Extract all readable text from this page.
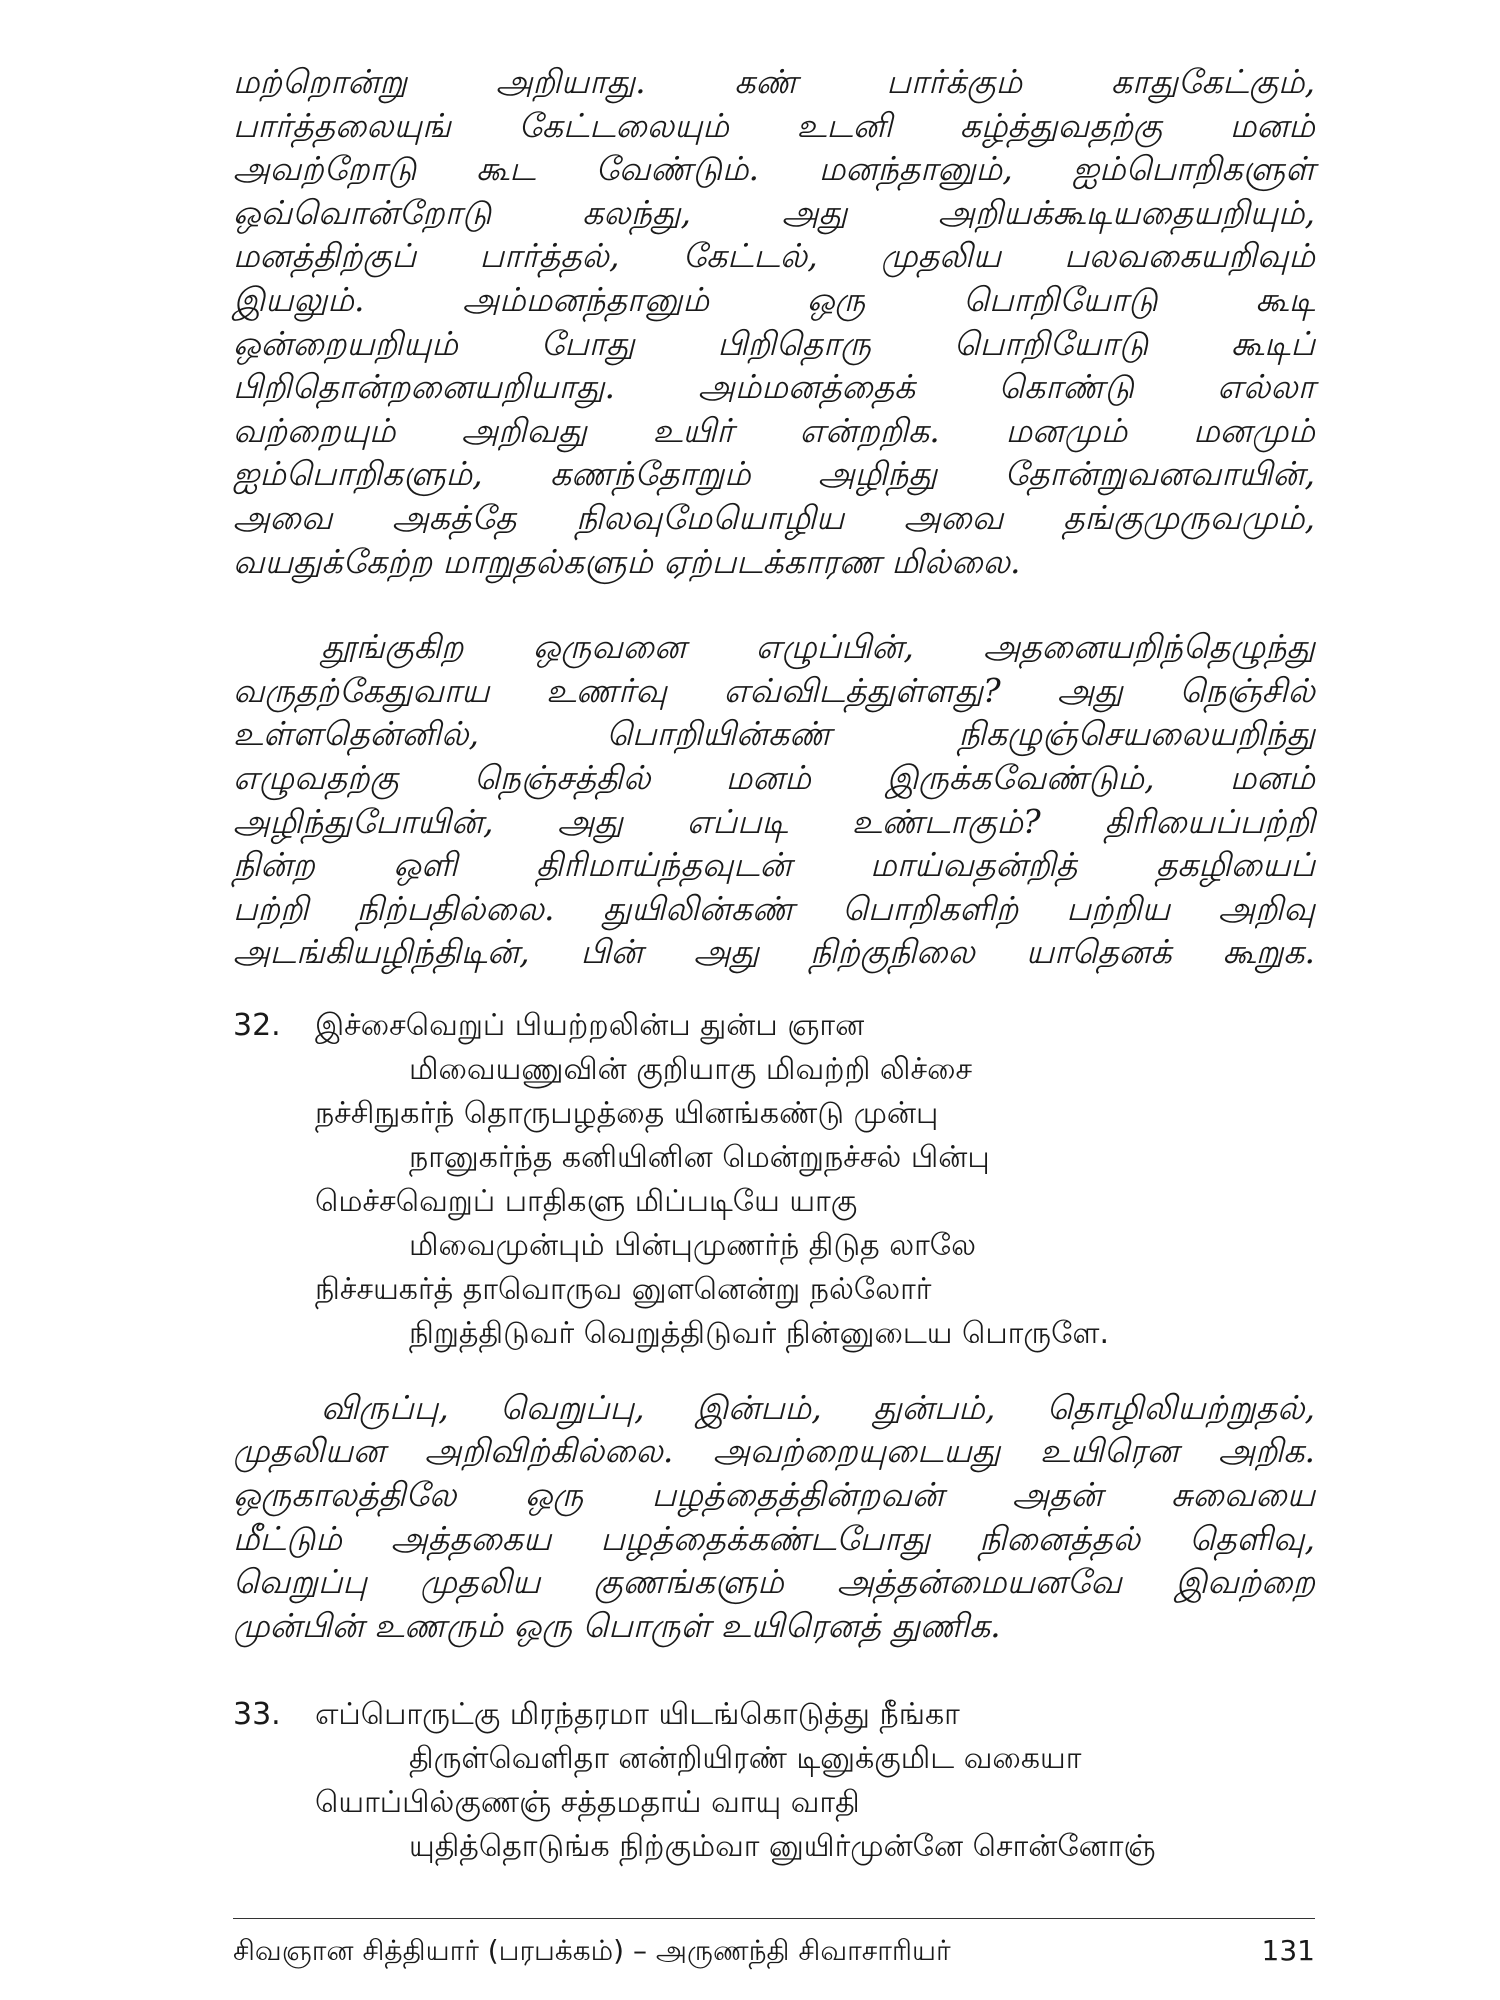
மற்றொன்று அறியாது. கண் பார்க்கும் காதுகேட்கும்,
பார்த்தலையுங் கேட்டலையும் உடனி கழ்த்துவதற்கு மனம்
அவற்றோடு கூட வேண்டும். மனந்தானும், ஐம்பொறிகளுள்
ஒவ்வொன்றோடு கலந்து, அது அறியக்கூடியதையறியும்,
மனத்திற்குப் பார்த்தல், கேட்டல், முதலிய பலவகையறிவும்
இயலும். அம்மனந்தானும் ஒரு பொறியோடு கூடி
ஒன்றையறியும் போது பிறிதொரு பொறியோடு கூடிப்
பிறிதொன்றனையறியாது. அம்மனத்தைக் கொண்டு எல்லா
வற்றையும் அறிவது உயிர் என்றறிக. மனமும் மனமும்
ஐம்பொறிகளும், கணந்தோறும் அழிந்து தோன்றுவனவாயின்,
அவை அகத்தே நிலவுமேயொழிய அவை தங்குமுருவமும்,
வயதுக்கேற்ற மாறுதல்களும் ஏற்படக்காரண மில்லை.
தூங்குகிற ஒருவனை எழுப்பின், அதனையறிந்தெழுந்து
வருதற்கேதுவாய உணர்வு எவ்விடத்துள்ளது? அது நெஞ்சில்
உள்ளதென்னில், பொறியின்கண் நிகழுஞ்செயலையறிந்து
எழுவதற்கு நெஞ்சத்தில் மனம் இருக்கவேண்டும், மனம்
அழிந்துபோயின், அது எப்படி உண்டாகும்? திரியைப்பற்றி
நின்ற ஒளி திரிமாய்ந்தவுடன் மாய்வதன்றித் தகழியைப்
பற்றி நிற்பதில்லை. துயிலின்கண் பொறிகளிற் பற்றிய அறிவு
அடங்கியழிந்திடின், பின் அது நிற்குநிலை யாதெனக் கூறுக.
32.	இச்சைவெறுப் பியற்றலின்ப துன்ப ஞான
மிவையணுவின் குறியாகு மிவற்றி லிச்சை
நச்சிநுகர்ந் தொருபழத்தை யினங்கண்டு முன்பு
நானுகர்ந்த கனியினின மென்றுநச்சல் பின்பு
மெச்சவெறுப் பாதிகளு மிப்படியே யாகு
மிவைமுன்பும் பின்புமுணர்ந் திடுத லாலே
நிச்சயகர்த் தாவொருவ னுளனென்று நல்லோர்
நிறுத்திடுவர் வெறுத்திடுவர் நின்னுடைய பொருளே.
விருப்பு, வெறுப்பு, இன்பம், துன்பம், தொழிலியற்றுதல்,
முதலியன அறிவிற்கில்லை. அவற்றையுடையது உயிரென அறிக.
ஒருகாலத்திலே ஒரு பழத்தைத்தின்றவன் அதன் சுவையை
மீட்டும் அத்தகைய பழத்தைக்கண்டபோது நினைத்தல் தெளிவு,
வெறுப்பு முதலிய குணங்களும் அத்தன்மையனவே இவற்றை
முன்பின் உணரும் ஒரு பொருள் உயிரெனத் துணிக.
33.	எப்பொருட்கு மிரந்தரமா யிடங்கொடுத்து நீங்கா
திருள்வெளிதா னன்றியிரண் டினுக்குமிட வகையா
யொப்பில்குணஞ் சத்தமதாய் வாயு வாதி
யுதித்தொடுங்க நிற்கும்வா னுயிர்முன்னே சொன்னோஞ்
சிவஞான சித்தியார் (பரபக்கம்) – அருணந்தி சிவாசாரியர்	131
